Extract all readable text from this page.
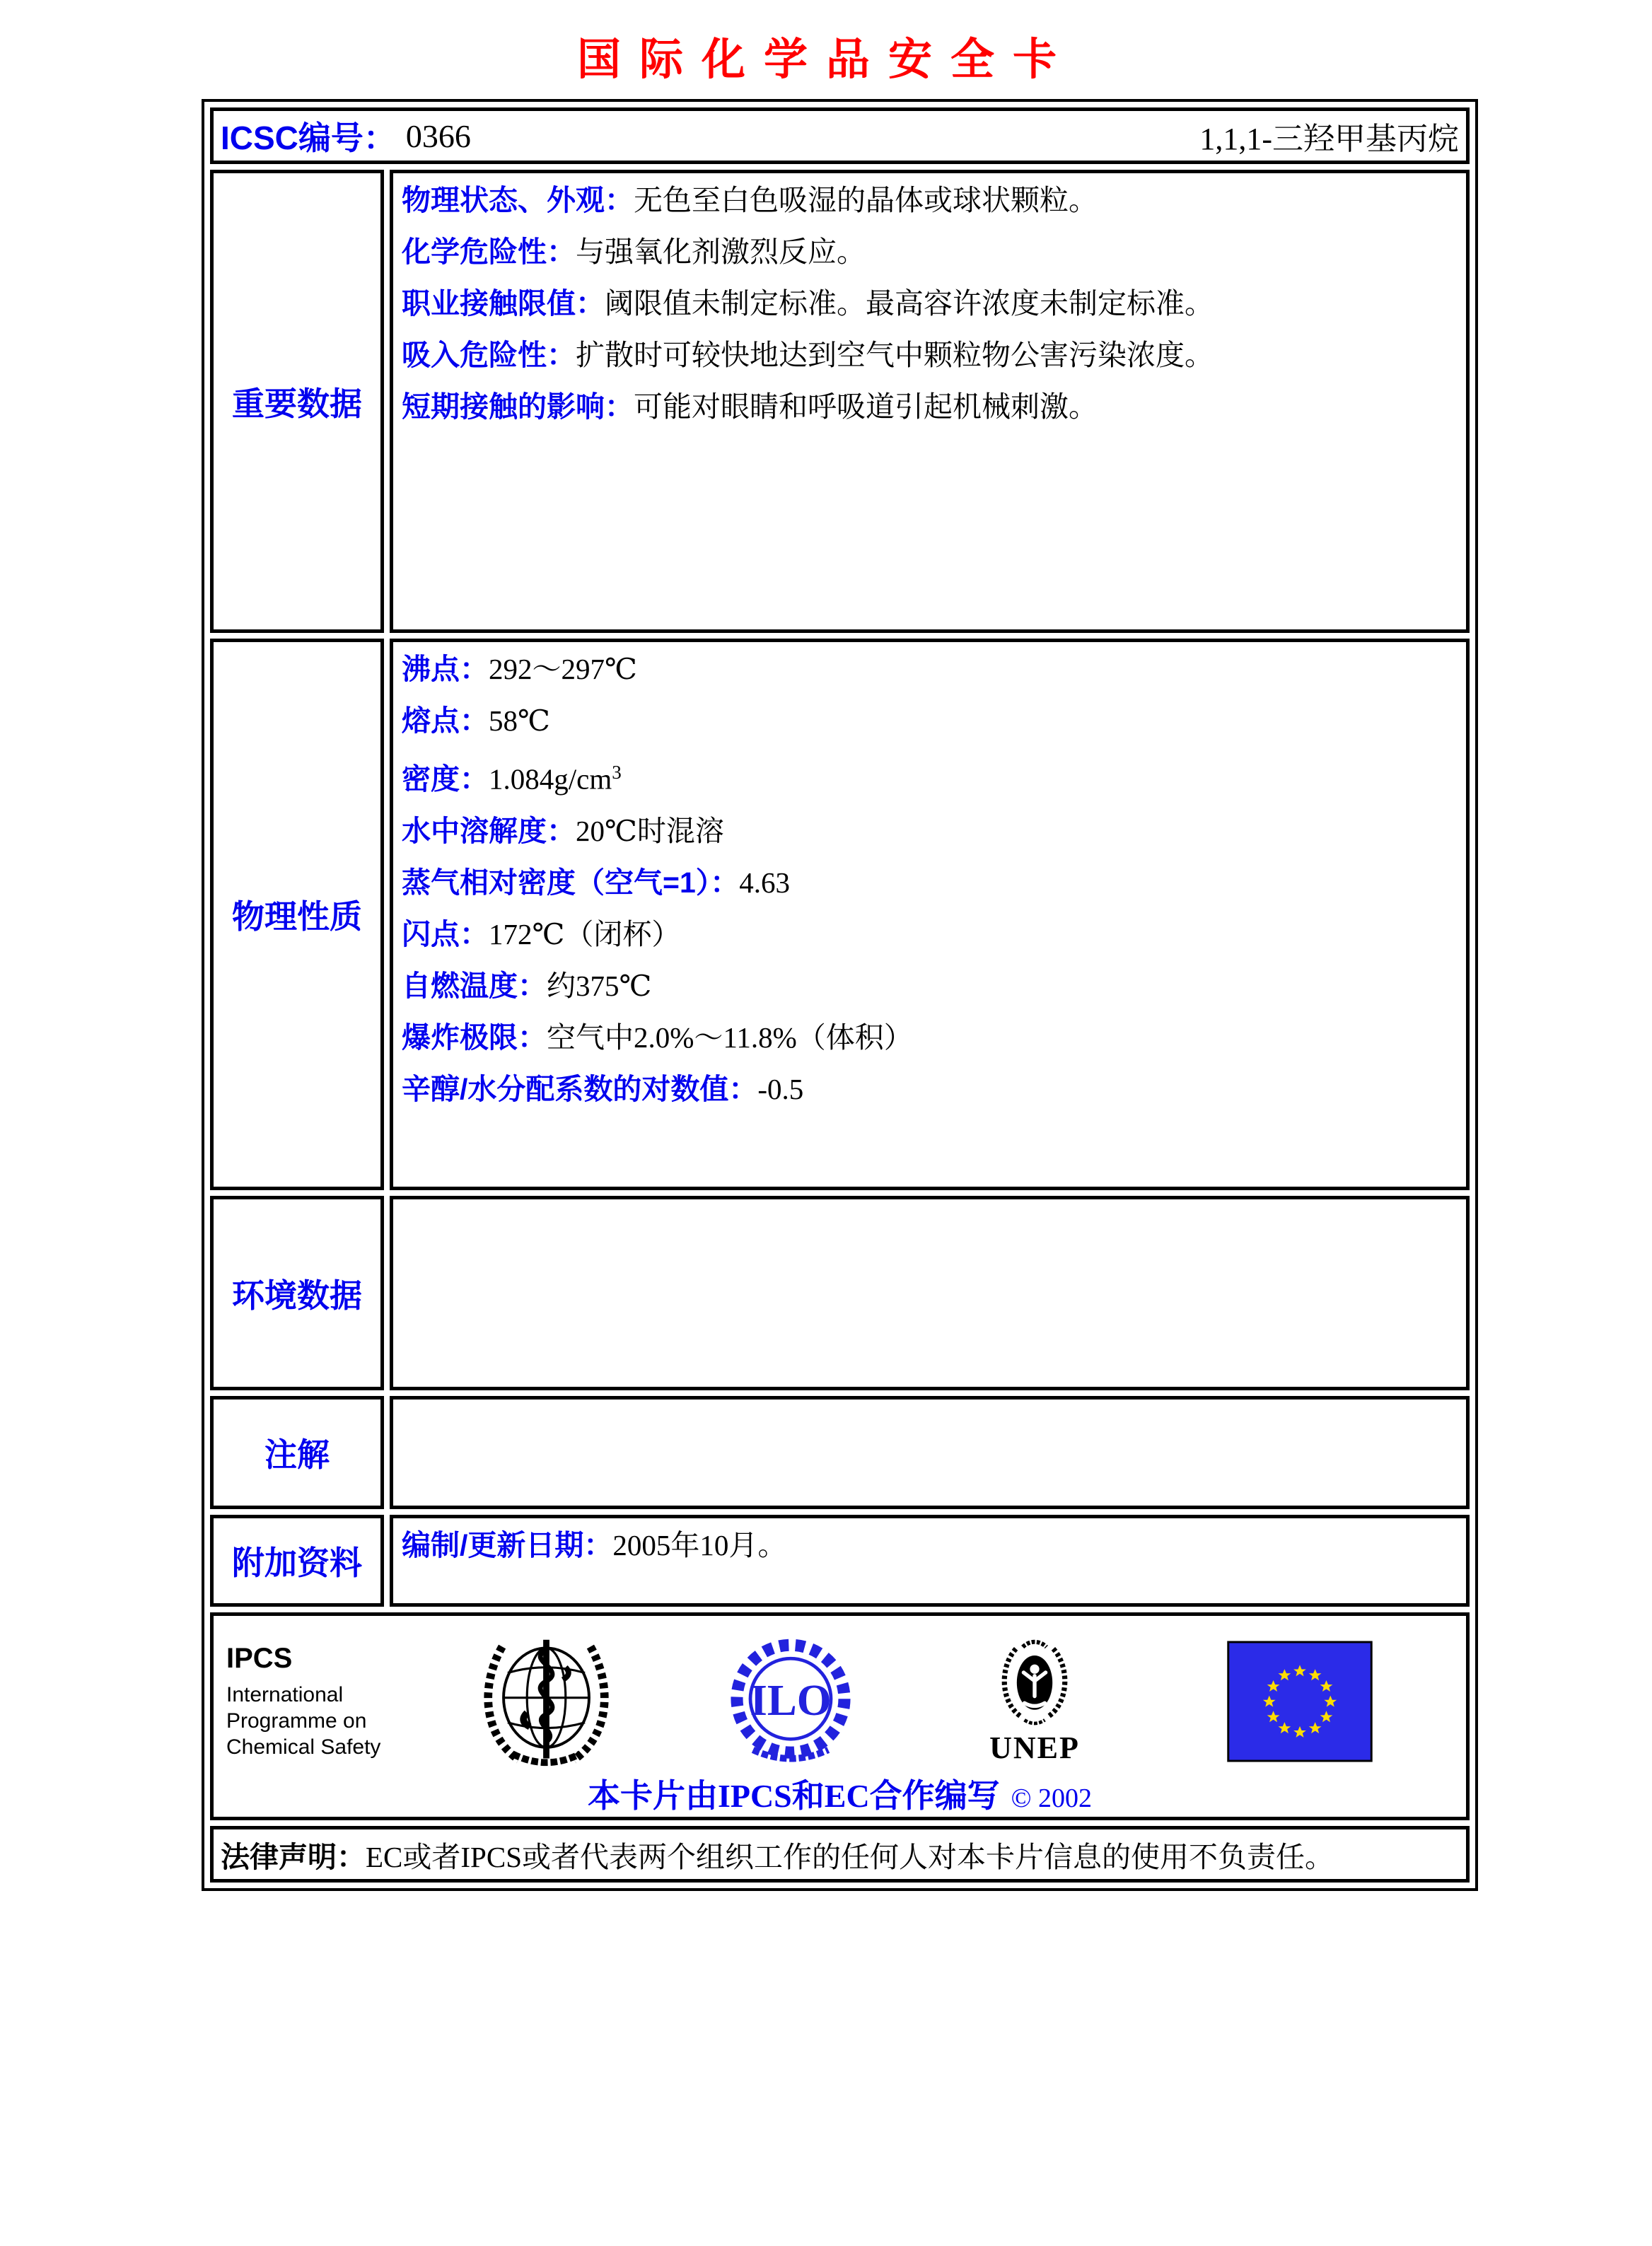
国际化学品安全卡
ICSC编号： 0366 1,1,1-三羟甲基丙烷	

重要数据	物理状态、外观：无色至白色吸湿的晶体或球状颗粒。
化学危险性：与强氧化剂激烈反应。
职业接触限值：阈限值未制定标准。最高容许浓度未制定标准。
吸入危险性：扩散时可较快地达到空气中颗粒物公害污染浓度。
短期接触的影响：可能对眼睛和呼吸道引起机械刺激。

物理性质	
沸点：292～297℃
熔点：58℃
密度：$1.084g/cm^3$
水中溶解度：20℃时混溶
蒸气相对密度（空气=1）：4.63
闪点：172℃（闭杯）
自燃温度：约375℃
爆炸极限：空气中2.0%～11.8%（体积）
辛醇/水分配系数的对数值：-0.5

环境数据	

注解	

附加资料	编制/更新日期：2005年10月。

IPCS
International
Programme on
Chemical Safety
ILO
UNEP
本卡片由IPCS和EC合作编写 © 2002

法律声明：EC或者IPCS或者代表两个组织工作的任何人对本卡片信息的使用不负责任。	
